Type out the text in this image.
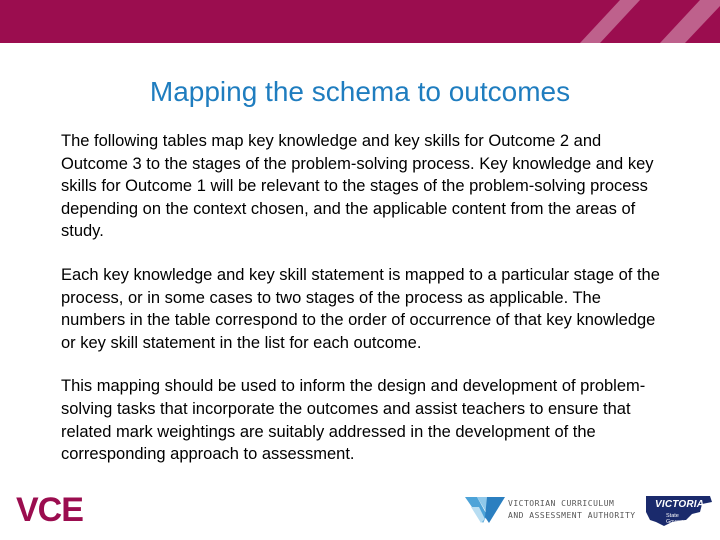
Mapping the schema to outcomes

The following tables map key knowledge and key skills for Outcome 2 and Outcome 3 to the stages of the problem-solving process. Key knowledge and key skills for Outcome 1 will be relevant to the stages of the problem-solving process depending on the context chosen, and the applicable content from the areas of study.

Each key knowledge and key skill statement is mapped to a particular stage of the process, or in some cases to two stages of the process as applicable. The numbers in the table correspond to the order of occurrence of that key knowledge or key skill statement in the list for each outcome.

This mapping should be used to inform the design and development of problem-solving tasks that incorporate the outcomes and assist teachers to ensure that related mark weightings are suitably addressed in the development of the corresponding approach to assessment.

VCE	VICTORIAN CURRICULUM
AND ASSESSMENT AUTHORITY
VICTORIA
State
Government
